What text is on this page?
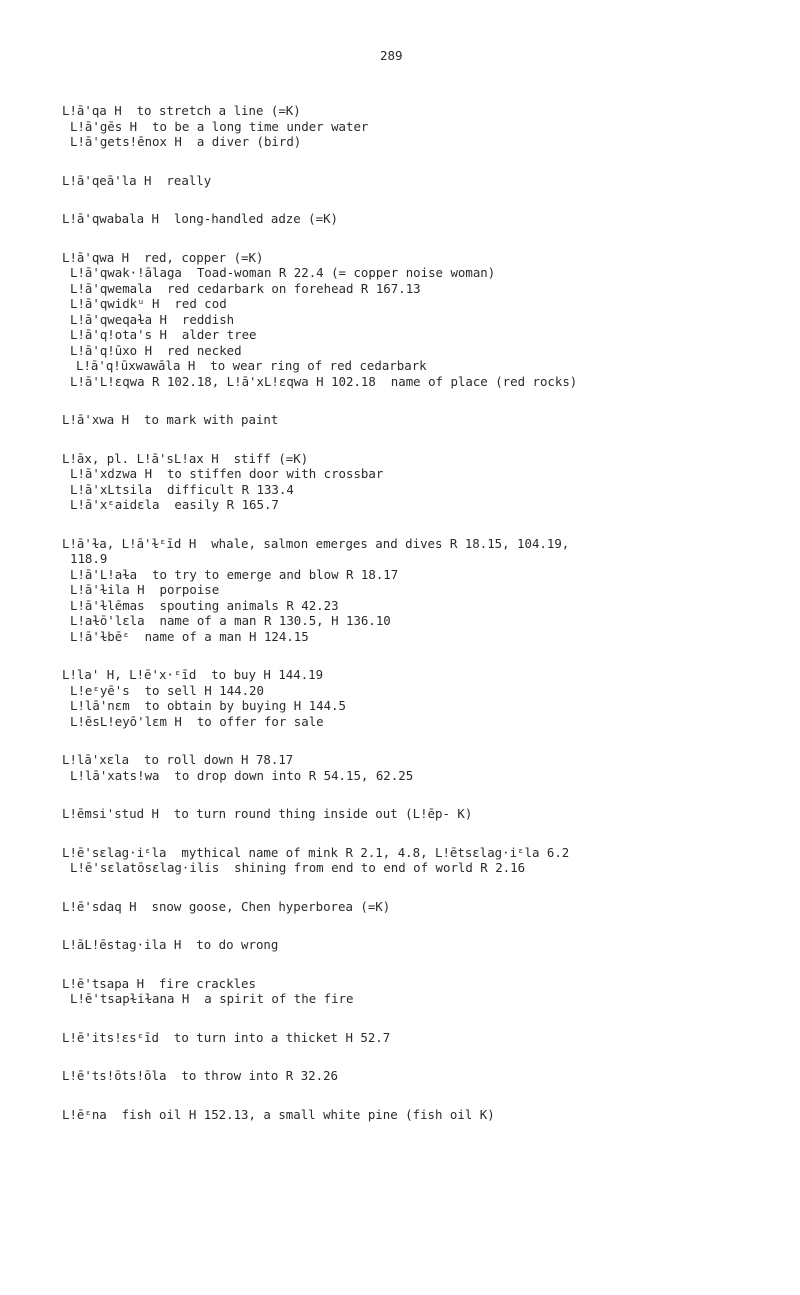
289
L!ā'qa H  to stretch a line (=K)
L!ā'gēs H  to be a long time under water
L!ā'gets!ēnox H  a diver (bird)
L!ā'qeā'la H  really
L!ā'qwabala H  long-handled adze (=K)
L!ā'qwa H  red, copper (=K)
L!ā'qwak·!ālaga  Toad-woman R 22.4 (= copper noise woman)
L!ā'qwemala  red cedarbark on forehead R 167.13
L!ā'qwidkᵘ H  red cod
L!ā'qweqaɫa H  reddish
L!ā'q!ota's H  alder tree
L!ā'q!ūxo H  red necked
L!ā'q!ūxwawāla H  to wear ring of red cedarbark
L!ā'L!ɛqwa R 102.18, L!ā'xL!ɛqwa H 102.18  name of place (red rocks)
L!ā'xwa H  to mark with paint
L!āx, pl. L!ā'sL!ax H  stiff (=K)
L!ā'xdzwa H  to stiffen door with crossbar
L!ā'xLtsila  difficult R 133.4
L!ā'xᵋaidɛla  easily R 165.7
L!ā'ɫa, L!ā'ɫᵋīd H  whale, salmon emerges and dives R 18.15, 104.19,
118.9
L!ā'L!aɫa  to try to emerge and blow R 18.17
L!ā'ɫila H  porpoise
L!ā'ɫlēmas  spouting animals R 42.23
L!aɫō'lɛla  name of a man R 130.5, H 136.10
L!ā'ɫbēᵋ  name of a man H 124.15
L!la' H, L!ē'x·ᵋīd  to buy H 144.19
L!eᵋyē's  to sell H 144.20
L!lā'nɛm  to obtain by buying H 144.5
L!ēsL!eyō'lɛm H  to offer for sale
L!lā'xɛla  to roll down H 78.17
L!lā'xats!wa  to drop down into R 54.15, 62.25
L!ēmsi'stud H  to turn round thing inside out (L!ēp- K)
L!ē'sɛlag·iᵋla  mythical name of mink R 2.1, 4.8, L!ētsɛlag·iᵋla 6.2
L!ē'sɛlatōsɛlag·ilis  shining from end to end of world R 2.16
L!ē'sdaq H  snow goose, Chen hyperborea (=K)
L!āL!ēstag·ila H  to do wrong
L!ē'tsapa H  fire crackles
L!ē'tsapɫiɫana H  a spirit of the fire
L!ē'its!ɛsᵋīd  to turn into a thicket H 52.7
L!ē'ts!ōts!ōla  to throw into R 32.26
L!ēᵋna  fish oil H 152.13, a small white pine (fish oil K)
